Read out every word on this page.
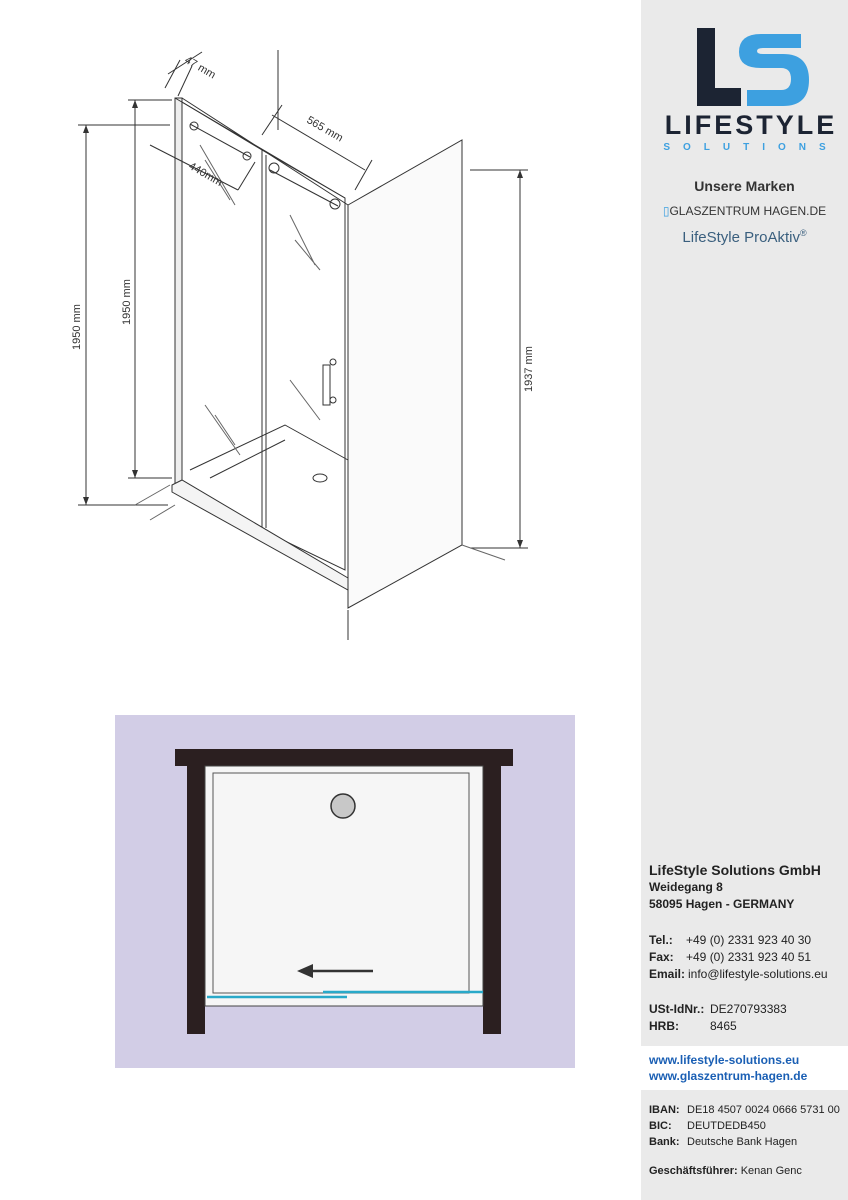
47 mm
565 mm
440mm
1950 mm
1950 mm
1937 mm
LIFESTYLE
SOLUTIONS
Unsere Marken
▯GLASZENTRUM HAGEN.DE
LifeStyle ProAktiv®
LifeStyle Solutions GmbH
Weidegang 8
58095 Hagen - GERMANY
Tel.:	+49 (0) 2331 923 40 30
Fax:	+49 (0) 2331 923 40 51
Email: info@lifestyle-solutions.eu
USt-IdNr.: DE270793383
HRB:	8465
www.lifestyle-solutions.eu
www.glaszentrum-hagen.de
IBAN: DE18 4507 0024 0666 5731 00
BIC:	DEUTDEDB450
Bank: Deutsche Bank Hagen
Geschäftsführer: Kenan Genc
